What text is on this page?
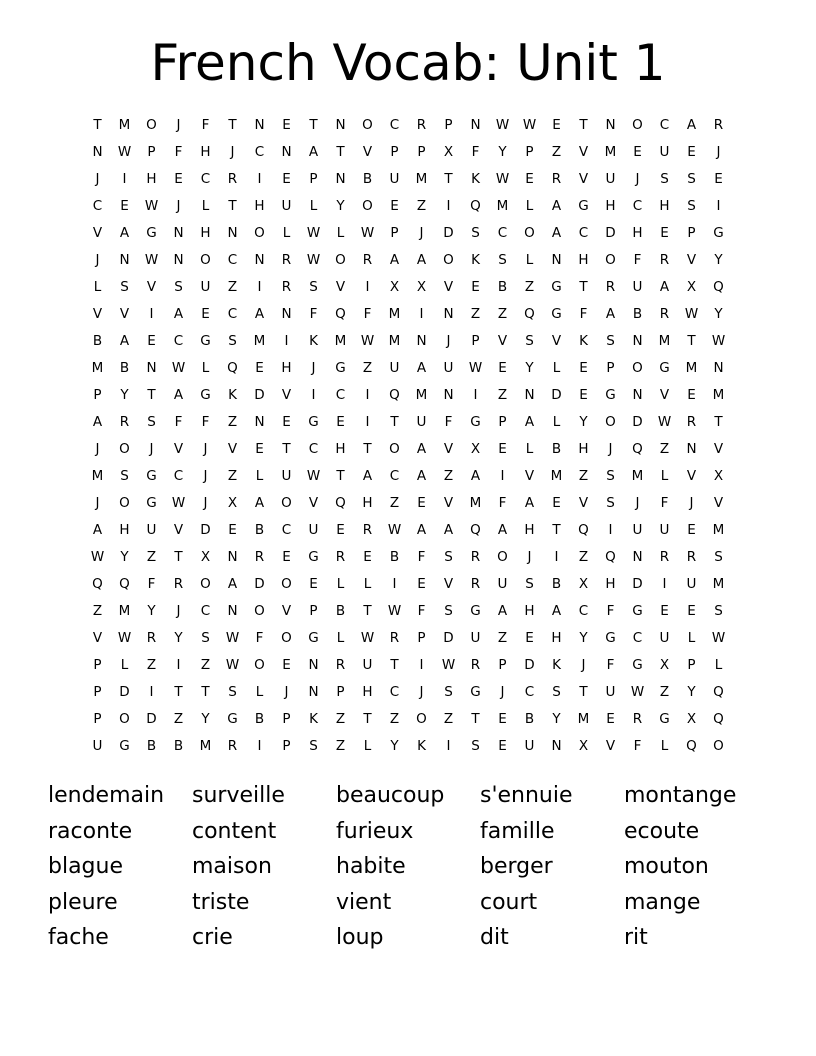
French Vocab: Unit 1
T	M	O	J	F	T	N	E	T	N	O	C	R	P	N	W	W	E	T	N	O	C	A	R
N	W	P	F	H	J	C	N	A	T	V	P	P	X	F	Y	P	Z	V	M	E	U	E	J
J	I	H	E	C	R	I	E	P	N	B	U	M	T	K	W	E	R	V	U	J	S	S	E
C	E	W	J	L	T	H	U	L	Y	O	E	Z	I	Q	M	L	A	G	H	C	H	S	I
V	A	G	N	H	N	O	L	W	L	W	P	J	D	S	C	O	A	C	D	H	E	P	G
J	N	W	N	O	C	N	R	W	O	R	A	A	O	K	S	L	N	H	O	F	R	V	Y
L	S	V	S	U	Z	I	R	S	V	I	X	X	V	E	B	Z	G	T	R	U	A	X	Q
V	V	I	A	E	C	A	N	F	Q	F	M	I	N	Z	Z	Q	G	F	A	B	R	W	Y
B	A	E	C	G	S	M	I	K	M	W	M	N	J	P	V	S	V	K	S	N	M	T	W
M	B	N	W	L	Q	E	H	J	G	Z	U	A	U	W	E	Y	L	E	P	O	G	M	N
P	Y	T	A	G	K	D	V	I	C	I	Q	M	N	I	Z	N	D	E	G	N	V	E	M
A	R	S	F	F	Z	N	E	G	E	I	T	U	F	G	P	A	L	Y	O	D	W	R	T
J	O	J	V	J	V	E	T	C	H	T	O	A	V	X	E	L	B	H	J	Q	Z	N	V
M	S	G	C	J	Z	L	U	W	T	A	C	A	Z	A	I	V	M	Z	S	M	L	V	X
J	O	G	W	J	X	A	O	V	Q	H	Z	E	V	M	F	A	E	V	S	J	F	J	V
A	H	U	V	D	E	B	C	U	E	R	W	A	A	Q	A	H	T	Q	I	U	U	E	M
W	Y	Z	T	X	N	R	E	G	R	E	B	F	S	R	O	J	I	Z	Q	N	R	R	S
Q	Q	F	R	O	A	D	O	E	L	L	I	E	V	R	U	S	B	X	H	D	I	U	M
Z	M	Y	J	C	N	O	V	P	B	T	W	F	S	G	A	H	A	C	F	G	E	E	S
V	W	R	Y	S	W	F	O	G	L	W	R	P	D	U	Z	E	H	Y	G	C	U	L	W
P	L	Z	I	Z	W	O	E	N	R	U	T	I	W	R	P	D	K	J	F	G	X	P	L
P	D	I	T	T	S	L	J	N	P	H	C	J	S	G	J	C	S	T	U	W	Z	Y	Q
P	O	D	Z	Y	G	B	P	K	Z	T	Z	O	Z	T	E	B	Y	M	E	R	G	X	Q
U	G	B	B	M	R	I	P	S	Z	L	Y	K	I	S	E	U	N	X	V	F	L	Q	O
lendemain	surveille	beaucoup	s'ennuie	montange
raconte	content	furieux	famille	ecoute
blague	maison	habite	berger	mouton
pleure	triste	vient	court	mange
fache	crie	loup	dit	rit
